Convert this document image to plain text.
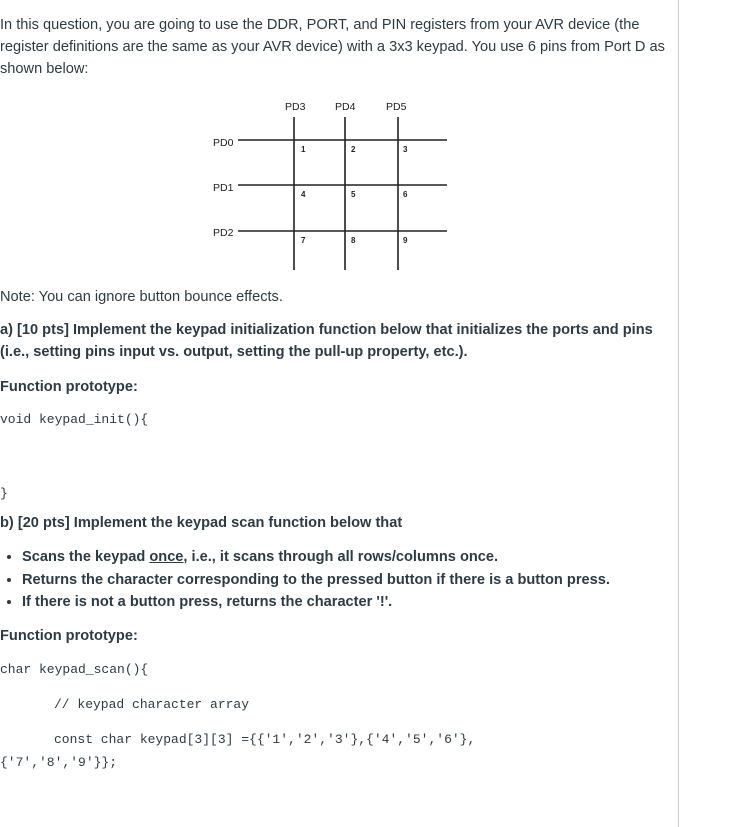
In this question, you are going to use the DDR, PORT, and PIN registers from your AVR device (the register definitions are the same as your AVR device) with a 3x3 keypad. You use 6 pins from Port D as shown below:

PD3	PD4	PD5
PD0
PD1
PD2
1	2	3
4	5	6
7	8	9

Note: You can ignore button bounce effects.

a) [10 pts] Implement the keypad initialization function below that initializes the ports and pins (i.e., setting pins input vs. output, setting the pull-up property, etc.).

Function prototype:

void keypad_init(){
}

b) [20 pts] Implement the keypad scan function below that

• Scans the keypad once, i.e., it scans through all rows/columns once.
• Returns the character corresponding to the pressed button if there is a button press.
• If there is not a button press, returns the character '!'.

Function prototype:

char keypad_scan(){
// keypad character array
const char keypad[3][3] ={{'1','2','3'},{'4','5','6'},
{'7','8','9'}};
